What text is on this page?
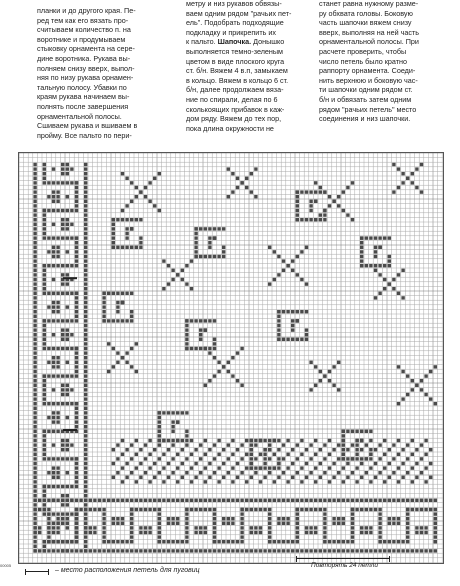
планки и до другого края. Пе-
ред тем как его вязать про-
считываем количество п. на
воротнике и продумываем
стыковку орнамента на сере-
дине воротника. Рукава вы-
полняем снизу вверх, выпол-
няя по низу рукава орнамен-
тальную полосу. Убавки по
краям рукава начинаем вы-
полнять после завершения
орнаментальной полосы.
Сшиваем рукава и вшиваем в
пройму. Все пальто по пери-

метру и низ рукавов обвязы-
ваем одним рядом "рачьих пет-
ель". Подобрать подходящие
подкладку и прикрепить их
к пальто. Шапочка. Донышко
выполняется темно-зеленым
цветом в виде плоского круга
ст. б/н. Вяжем 4 в.п, замыкаем
в кольцо. Вяжем в кольцо 6 ст.
б/н, далее продолжаем вяза-
ние по спирали, делая по 6
сколькоящих прибавок в каж-
дом ряду. Вяжем до тех пор,
пока длина окружности не

станет равна нужному разме-
ру обхвата головы. Боковую
часть шапочки вяжем снизу
вверх, выполняя на ней часть
орнаментальной полосы. При
расчете проверить, чтобы
число петель было кратно
раппорту орнамента. Соеди-
нить верхнюю и боковую час-
ти шапочки одним рядом ст.
б/н и обвязать затем одним
рядом "рачьих петель" место
соединения и низ шапочки.

– место расположения петель для пуговиц
Повторять 24 петли
00005
